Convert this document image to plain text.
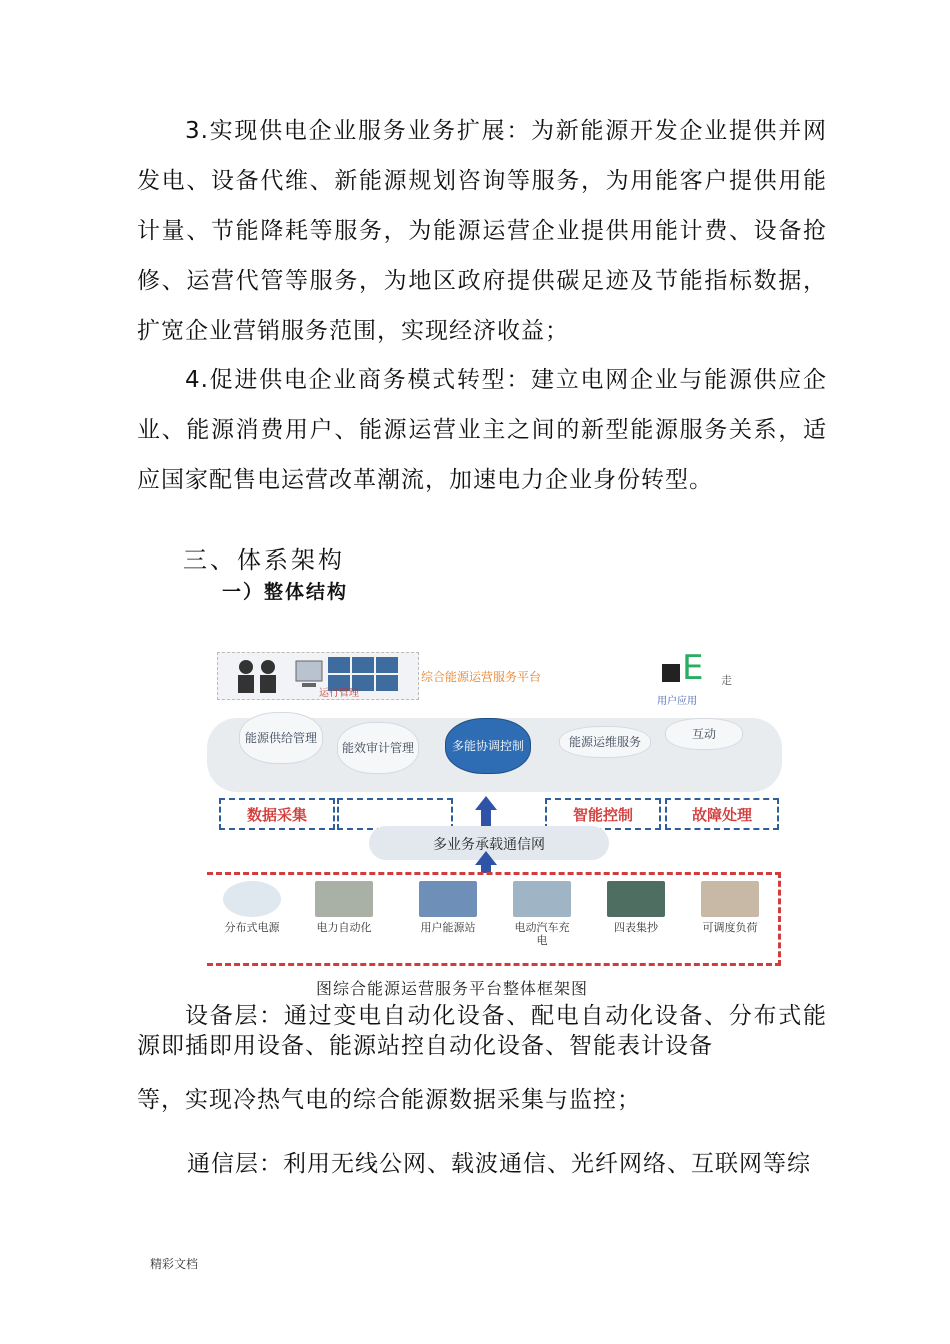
3.实现供电企业服务业务扩展：为新能源开发企业提供并网发电、设备代维、新能源规划咨询等服务，为用能客户提供用能计量、节能降耗等服务，为能源运营企业提供用能计费、设备抢修、运营代管等服务，为地区政府提供碳足迹及节能指标数据，扩宽企业营销服务范围，实现经济收益；
4.促进供电企业商务模式转型：建立电网企业与能源供应企业、能源消费用户、能源运营业主之间的新型能源服务关系，适应国家配售电运营改革潮流，加速电力企业身份转型。
三、体系架构
一）整体结构
运行管理
综合能源运营服务平台	E 走
用户应用
能源供给管理
能效审计管理	多能协调控制	能源运维服务
互动
数据采集	智能控制	故障处理
多业务承载通信网
分布式电源	电力自动化	用户能源站	电动汽车充电
四表集抄	可调度负荷
图综合能源运营服务平台整体框架图
设备层：通过变电自动化设备、配电自动化设备、分布式能源即插即用设备、能源站控自动化设备、智能表计设备
等，实现冷热气电的综合能源数据采集与监控；
通信层：利用无线公网、载波通信、光纤网络、互联网等综
精彩文档
